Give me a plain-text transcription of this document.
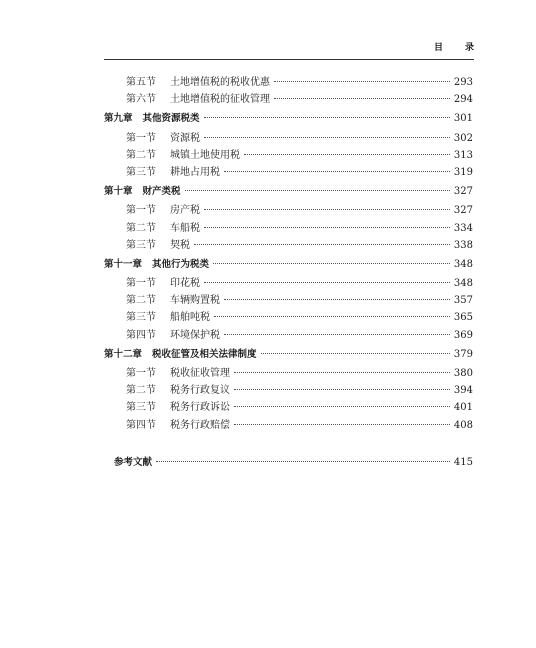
目录
第五节	土地增值税的税收优惠	293
第六节	土地增值税的征收管理	294
第九章 其他资源税类	301
第一节	资源税	302
第二节	城镇土地使用税	313
第三节	耕地占用税	319
第十章 财产类税	327
第一节	房产税	327
第二节	车船税	334
第三节	契税	338
第十一章 其他行为税类	348
第一节	印花税	348
第二节	车辆购置税	357
第三节	船舶吨税	365
第四节	环境保护税	369
第十二章 税收征管及相关法律制度	379
第一节	税收征收管理	380
第二节	税务行政复议	394
第三节	税务行政诉讼	401
第四节	税务行政赔偿	408
参考文献	415
